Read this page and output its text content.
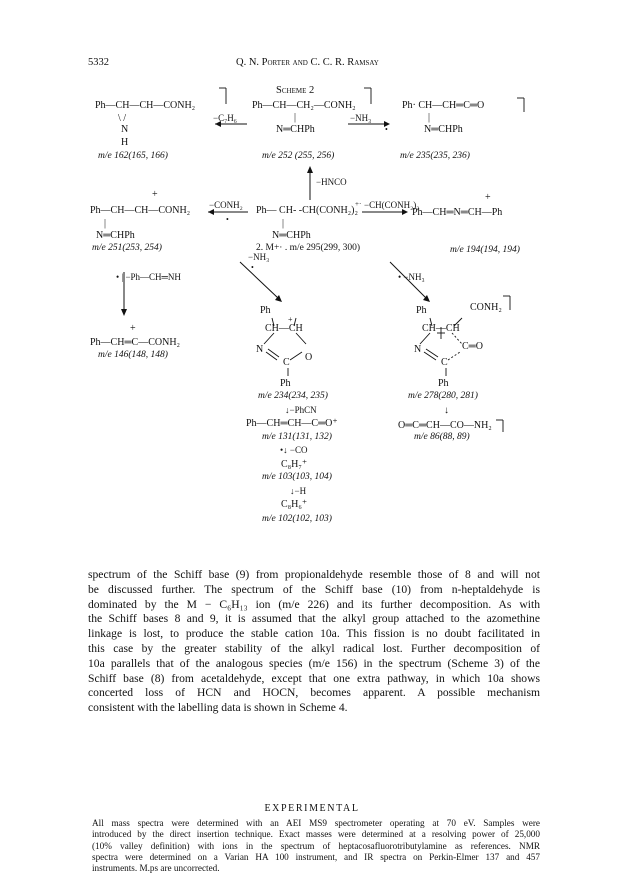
5332	Q. N. Porter and C. C. R. Ramsay
Scheme 2
Ph—CH—CH—CONH₂
\ /
N
H
m/e 162(165, 166)
−C₇H₆
Ph—CH—CH₂—CONH₂
|
N═CHPh
m/e 252 (255, 256)
−NH₃
Ph· CH—CH═C═O
|
•	N═CHPh
m/e 235(235, 236)
−HNCO
+
Ph—CH—CH—CONH₂
|
N═CHPh
m/e 251(253, 254)
−CONH₂
•
Ph— CH- -CH(CONH₂)₂
+·
|
N═CHPh
2. M+· . m/e 295(299, 300)
−CH(CONH₂)₂
+
Ph—CH═N═CH—Ph
m/e 194(194, 194)
• | −Ph—CH═NH
−NH₃
•
• −NH₃
+
Ph—CH═C—CONH₂
m/e 146(148, 148)
Ph
+
CH—CH
N
C O
Ph
m/e 234(234, 235)
Ph	CONH₂
CH—CH
N
C
C═O
Ph
m/e 278(280, 281)
↓−PhCN
Ph—CH═CH—C═O⁺
m/e 131(131, 132)
•↓ −CO
C₈H₇⁺
m/e 103(103, 104)
↓−H
C₈H₆⁺
m/e 102(102, 103)
↓
O═C═CH—CO—NH₂
m/e 86(88, 89)
spectrum of the Schiff base (9) from propionaldehyde resemble those of 8 and will not
be discussed further. The spectrum of the Schiff base (10) from n-heptaldehyde is
dominated by the M − C₆H₁₃ ion (m/e 226) and its further decomposition. As with
the Schiff bases 8 and 9, it is assumed that the alkyl group attached to the azomethine
linkage is lost, to produce the stable cation 10a. This fission is no doubt facilitated in
this case by the greater stability of the alkyl radical lost. Further decomposition of
10a parallels that of the analogous species (m/e 156) in the spectrum (Scheme 3) of the
Schiff base (8) from acetaldehyde, except that one extra pathway, in which 10a shows
concerted loss of HCN and HOCN, becomes apparent. A possible mechanism
consistent with the labelling data is shown in Scheme 4.
EXPERIMENTAL
All mass spectra were determined with an AEI MS9 spectrometer operating at 70 eV. Samples were
introduced by the direct insertion technique. Exact masses were determined at a resolving power of 25,000
(10% valley definition) with ions in the spectrum of heptacosafluorotributylamine as references. NMR
spectra were determined on a Varian HA 100 instrument, and IR spectra on Perkin-Elmer 137 and 457
instruments. M.ps are uncorrected.
